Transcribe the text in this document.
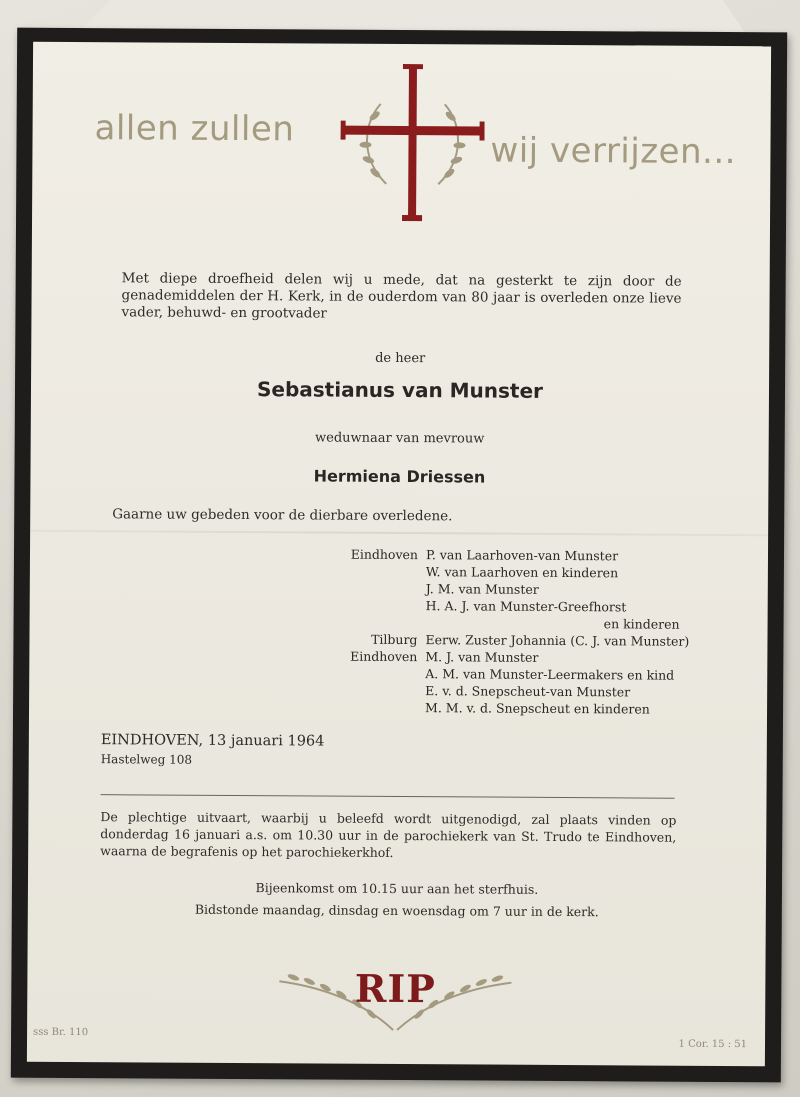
allen zullen
wij verrijzen...
Met diepe droefheid delen wij u mede, dat na gesterkt te zijn door de genademiddelen der H. Kerk, in de ouderdom van 80 jaar is overleden onze lieve vader, behuwd- en grootvader
de heer
Sebastianus van Munster
weduwnaar van mevrouw
Hermiena Driessen
Gaarne uw gebeden voor de dierbare overledene.
Eindhoven P. van Laarhoven-van Munster
W. van Laarhoven en kinderen
J. M. van Munster
H. A. J. van Munster-Greefhorst
en kinderen
Tilburg Eerw. Zuster Johannia (C. J. van Munster)
Eindhoven M. J. van Munster
A. M. van Munster-Leermakers en kind
E. v. d. Snepscheut-van Munster
M. M. v. d. Snepscheut en kinderen
EINDHOVEN, 13 januari 1964
Hastelweg 108
De plechtige uitvaart, waarbij u beleefd wordt uitgenodigd, zal plaats vinden op donderdag 16 januari a.s. om 10.30 uur in de parochiekerk van St. Trudo te Eindhoven, waarna de begrafenis op het parochiekerkhof.
Bijeenkomst om 10.15 uur aan het sterfhuis.
Bidstonde maandag, dinsdag en woensdag om 7 uur in de kerk.
RIP
sss Br. 110
1 Cor. 15 : 51
